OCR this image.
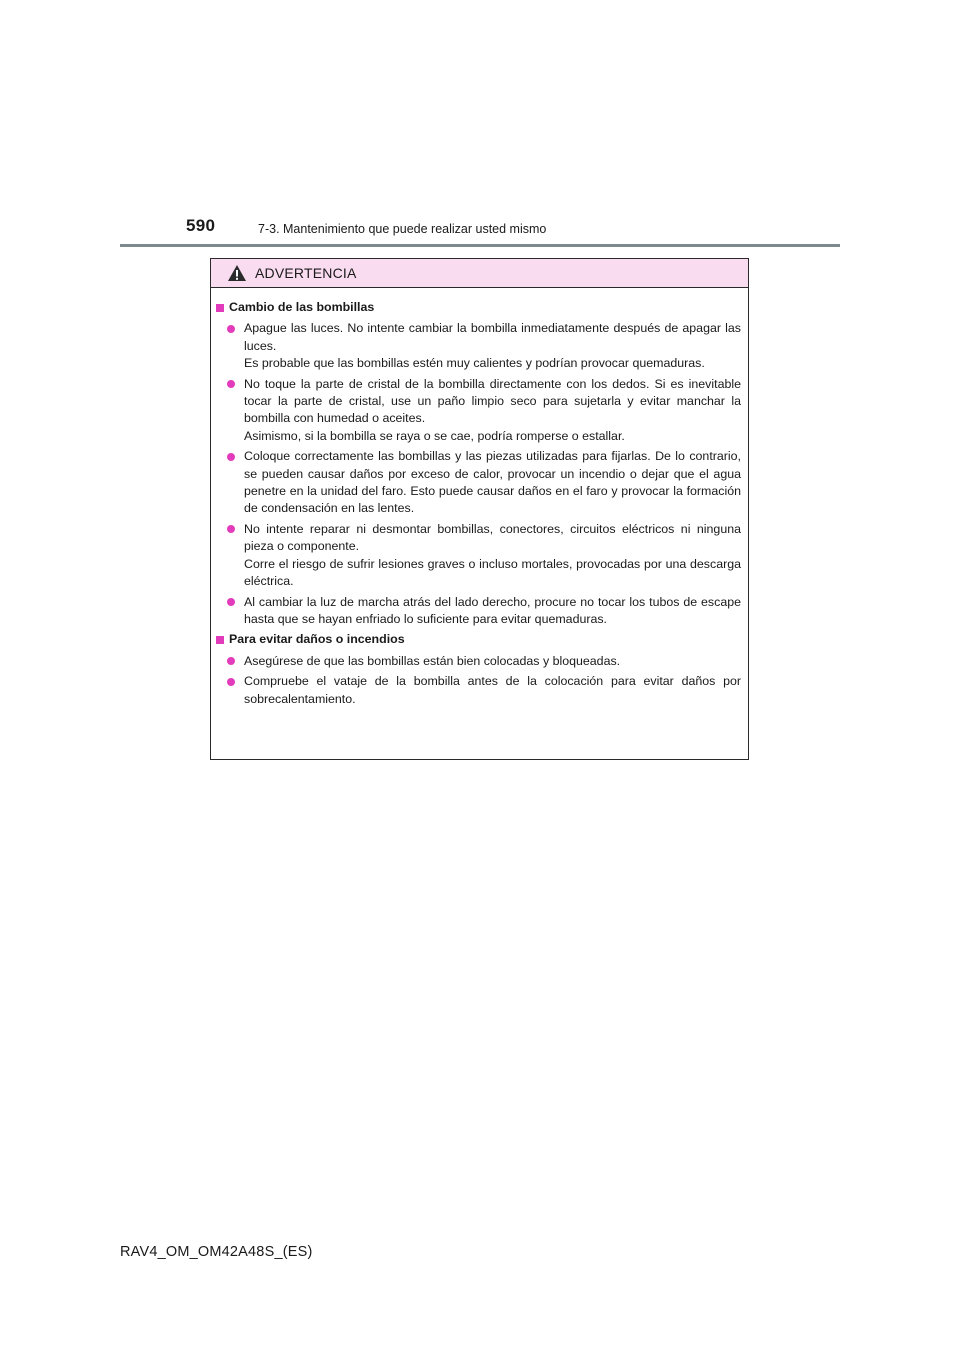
590	7-3. Mantenimiento que puede realizar usted mismo
ADVERTENCIA
Cambio de las bombillas
Apague las luces. No intente cambiar la bombilla inmediatamente después de apagar las luces.
Es probable que las bombillas estén muy calientes y podrían provocar quemaduras.
No toque la parte de cristal de la bombilla directamente con los dedos. Si es inevitable tocar la parte de cristal, use un paño limpio seco para sujetarla y evitar manchar la bombilla con humedad o aceites.
Asimismo, si la bombilla se raya o se cae, podría romperse o estallar.
Coloque correctamente las bombillas y las piezas utilizadas para fijarlas. De lo contrario, se pueden causar daños por exceso de calor, provocar un incendio o dejar que el agua penetre en la unidad del faro. Esto puede causar daños en el faro y provocar la formación de condensación en las lentes.
No intente reparar ni desmontar bombillas, conectores, circuitos eléctricos ni ninguna pieza o componente.
Corre el riesgo de sufrir lesiones graves o incluso mortales, provocadas por una descarga eléctrica.
Al cambiar la luz de marcha atrás del lado derecho, procure no tocar los tubos de escape hasta que se hayan enfriado lo suficiente para evitar quemaduras.
Para evitar daños o incendios
Asegúrese de que las bombillas están bien colocadas y bloqueadas.
Compruebe el vataje de la bombilla antes de la colocación para evitar daños por sobrecalentamiento.
RAV4_OM_OM42A48S_(ES)
